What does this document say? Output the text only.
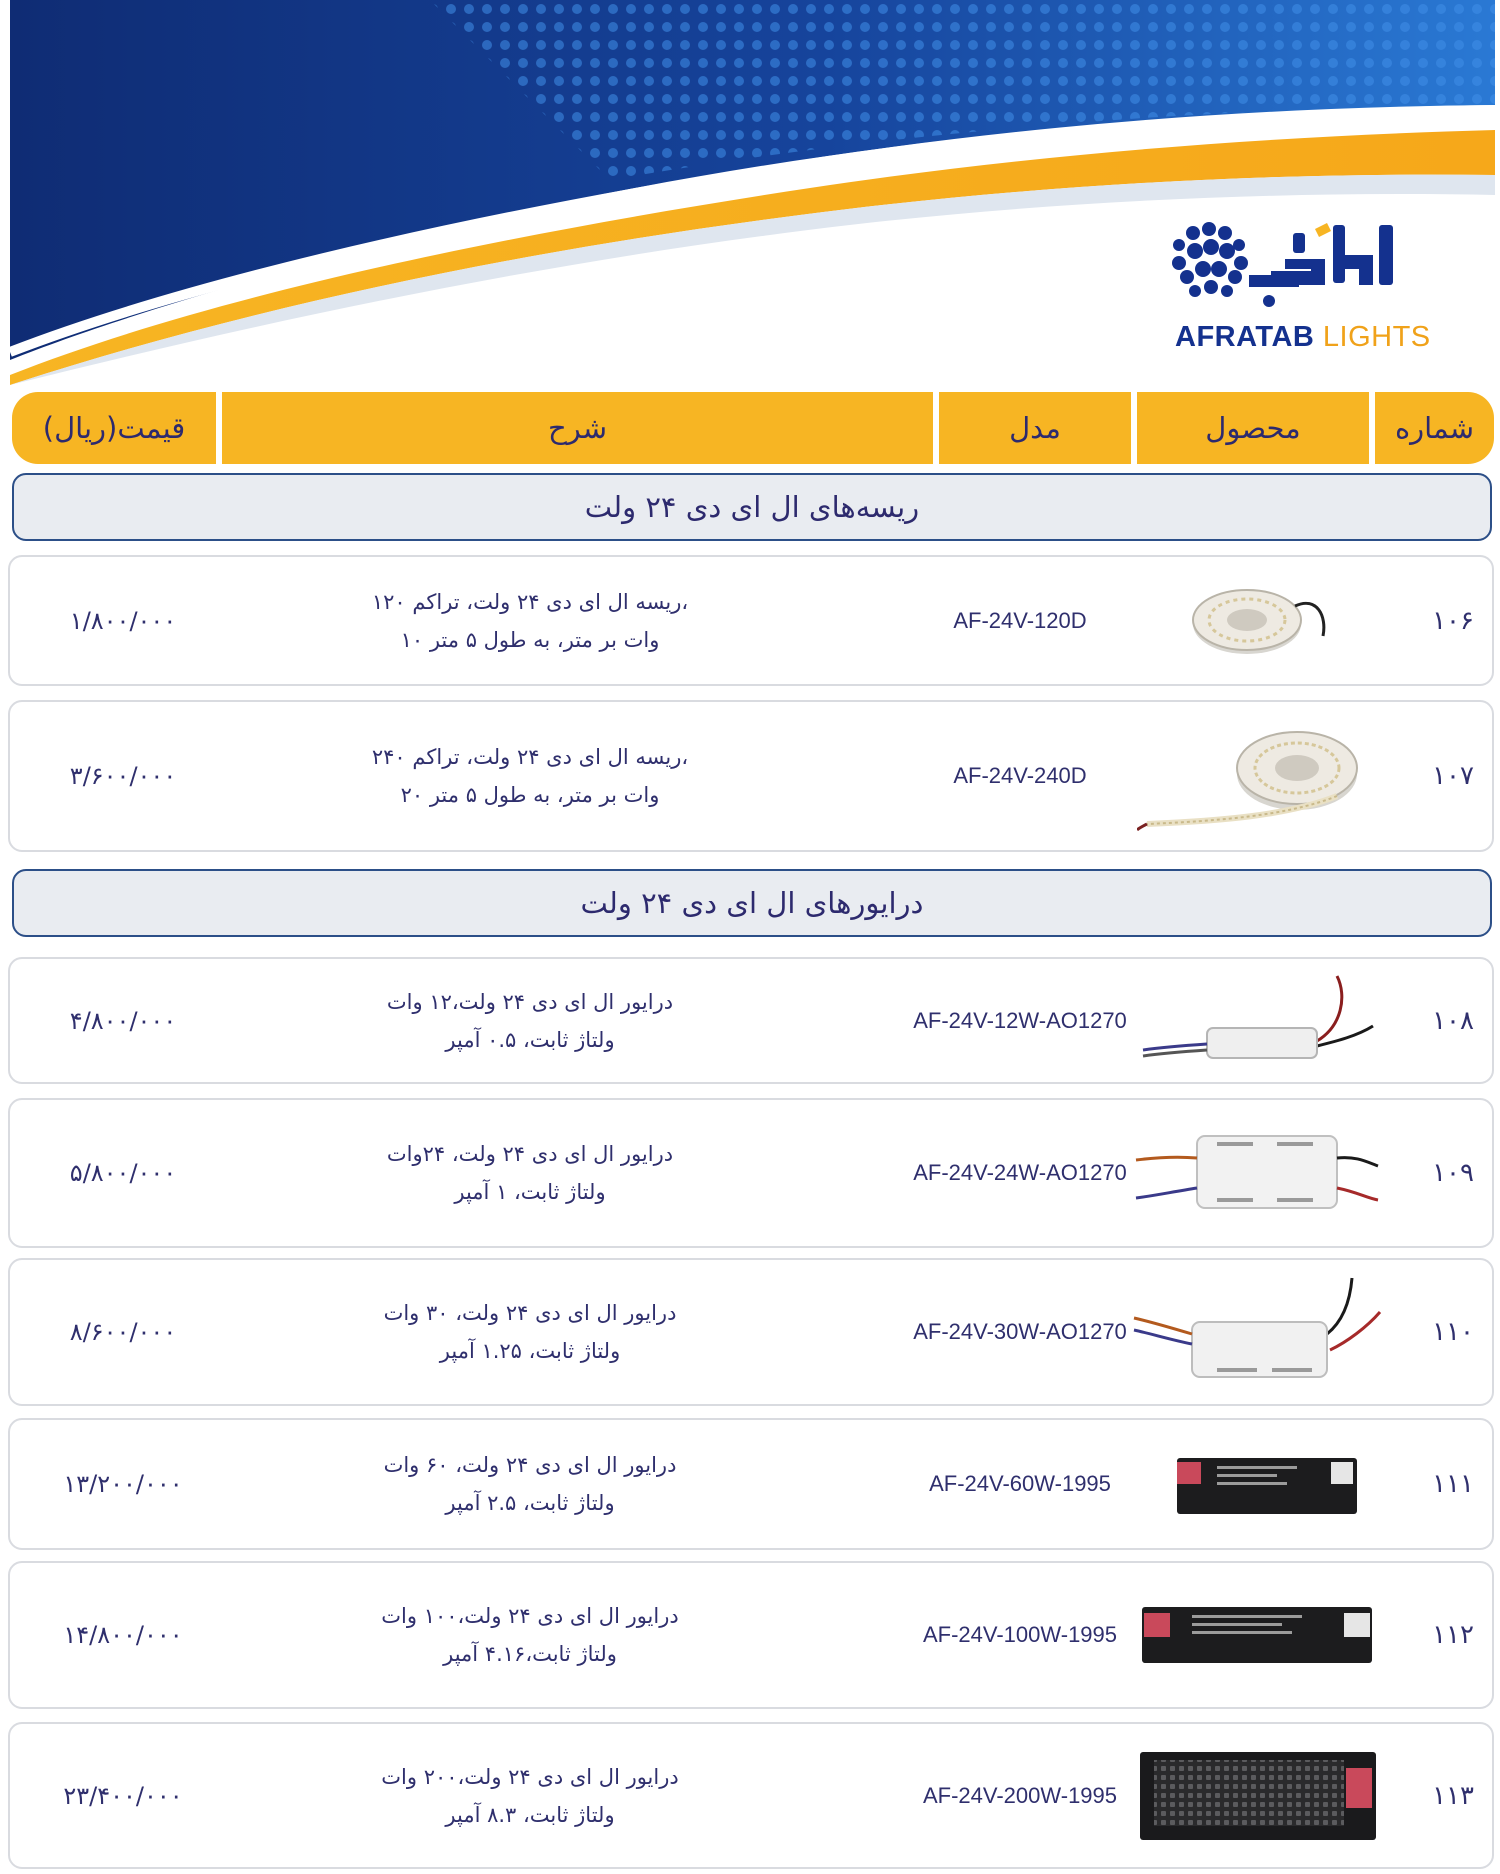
AFRATAB LIGHTS
شماره
محصول
مدل
شرح
قیمت(ریال)
ریسه‌های ال ای دی ۲۴ ولت
۱۰۶
AF-24V-120D
ریسه ال ای دی ۲۴ ولت، تراکم ۱۲۰،
۱۰ وات بر متر، به طول ۵ متر
۱/۸۰۰/۰۰۰
۱۰۷
AF-24V-240D
ریسه ال ای دی ۲۴ ولت، تراکم ۲۴۰،
۲۰ وات بر متر، به طول ۵ متر
۳/۶۰۰/۰۰۰
درایورهای ال ای دی ۲۴ ولت
۱۰۸
AF-24V-12W-AO1270
درایور ال ای دی ۲۴ ولت،۱۲ وات
ولتاژ ثابت، ۰.۵ آمپر
۴/۸۰۰/۰۰۰
۱۰۹
AF-24V-24W-AO1270
درایور ال ای دی ۲۴ ولت، ۲۴وات
ولتاژ ثابت، ۱ آمپر
۵/۸۰۰/۰۰۰
۱۱۰
AF-24V-30W-AO1270
درایور ال ای دی ۲۴ ولت، ۳۰ وات
ولتاژ ثابت، ۱.۲۵ آمپر
۸/۶۰۰/۰۰۰
۱۱۱
AF-24V-60W-1995
درایور ال ای دی ۲۴ ولت، ۶۰ وات
ولتاژ ثابت، ۲.۵ آمپر
۱۳/۲۰۰/۰۰۰
۱۱۲
AF-24V-100W-1995
درایور ال ای دی ۲۴ ولت،۱۰۰ وات
ولتاژ ثابت،۴.۱۶ آمپر
۱۴/۸۰۰/۰۰۰
۱۱۳
AF-24V-200W-1995
درایور ال ای دی ۲۴ ولت،۲۰۰ وات
ولتاژ ثابت، ۸.۳ آمپر
۲۳/۴۰۰/۰۰۰
